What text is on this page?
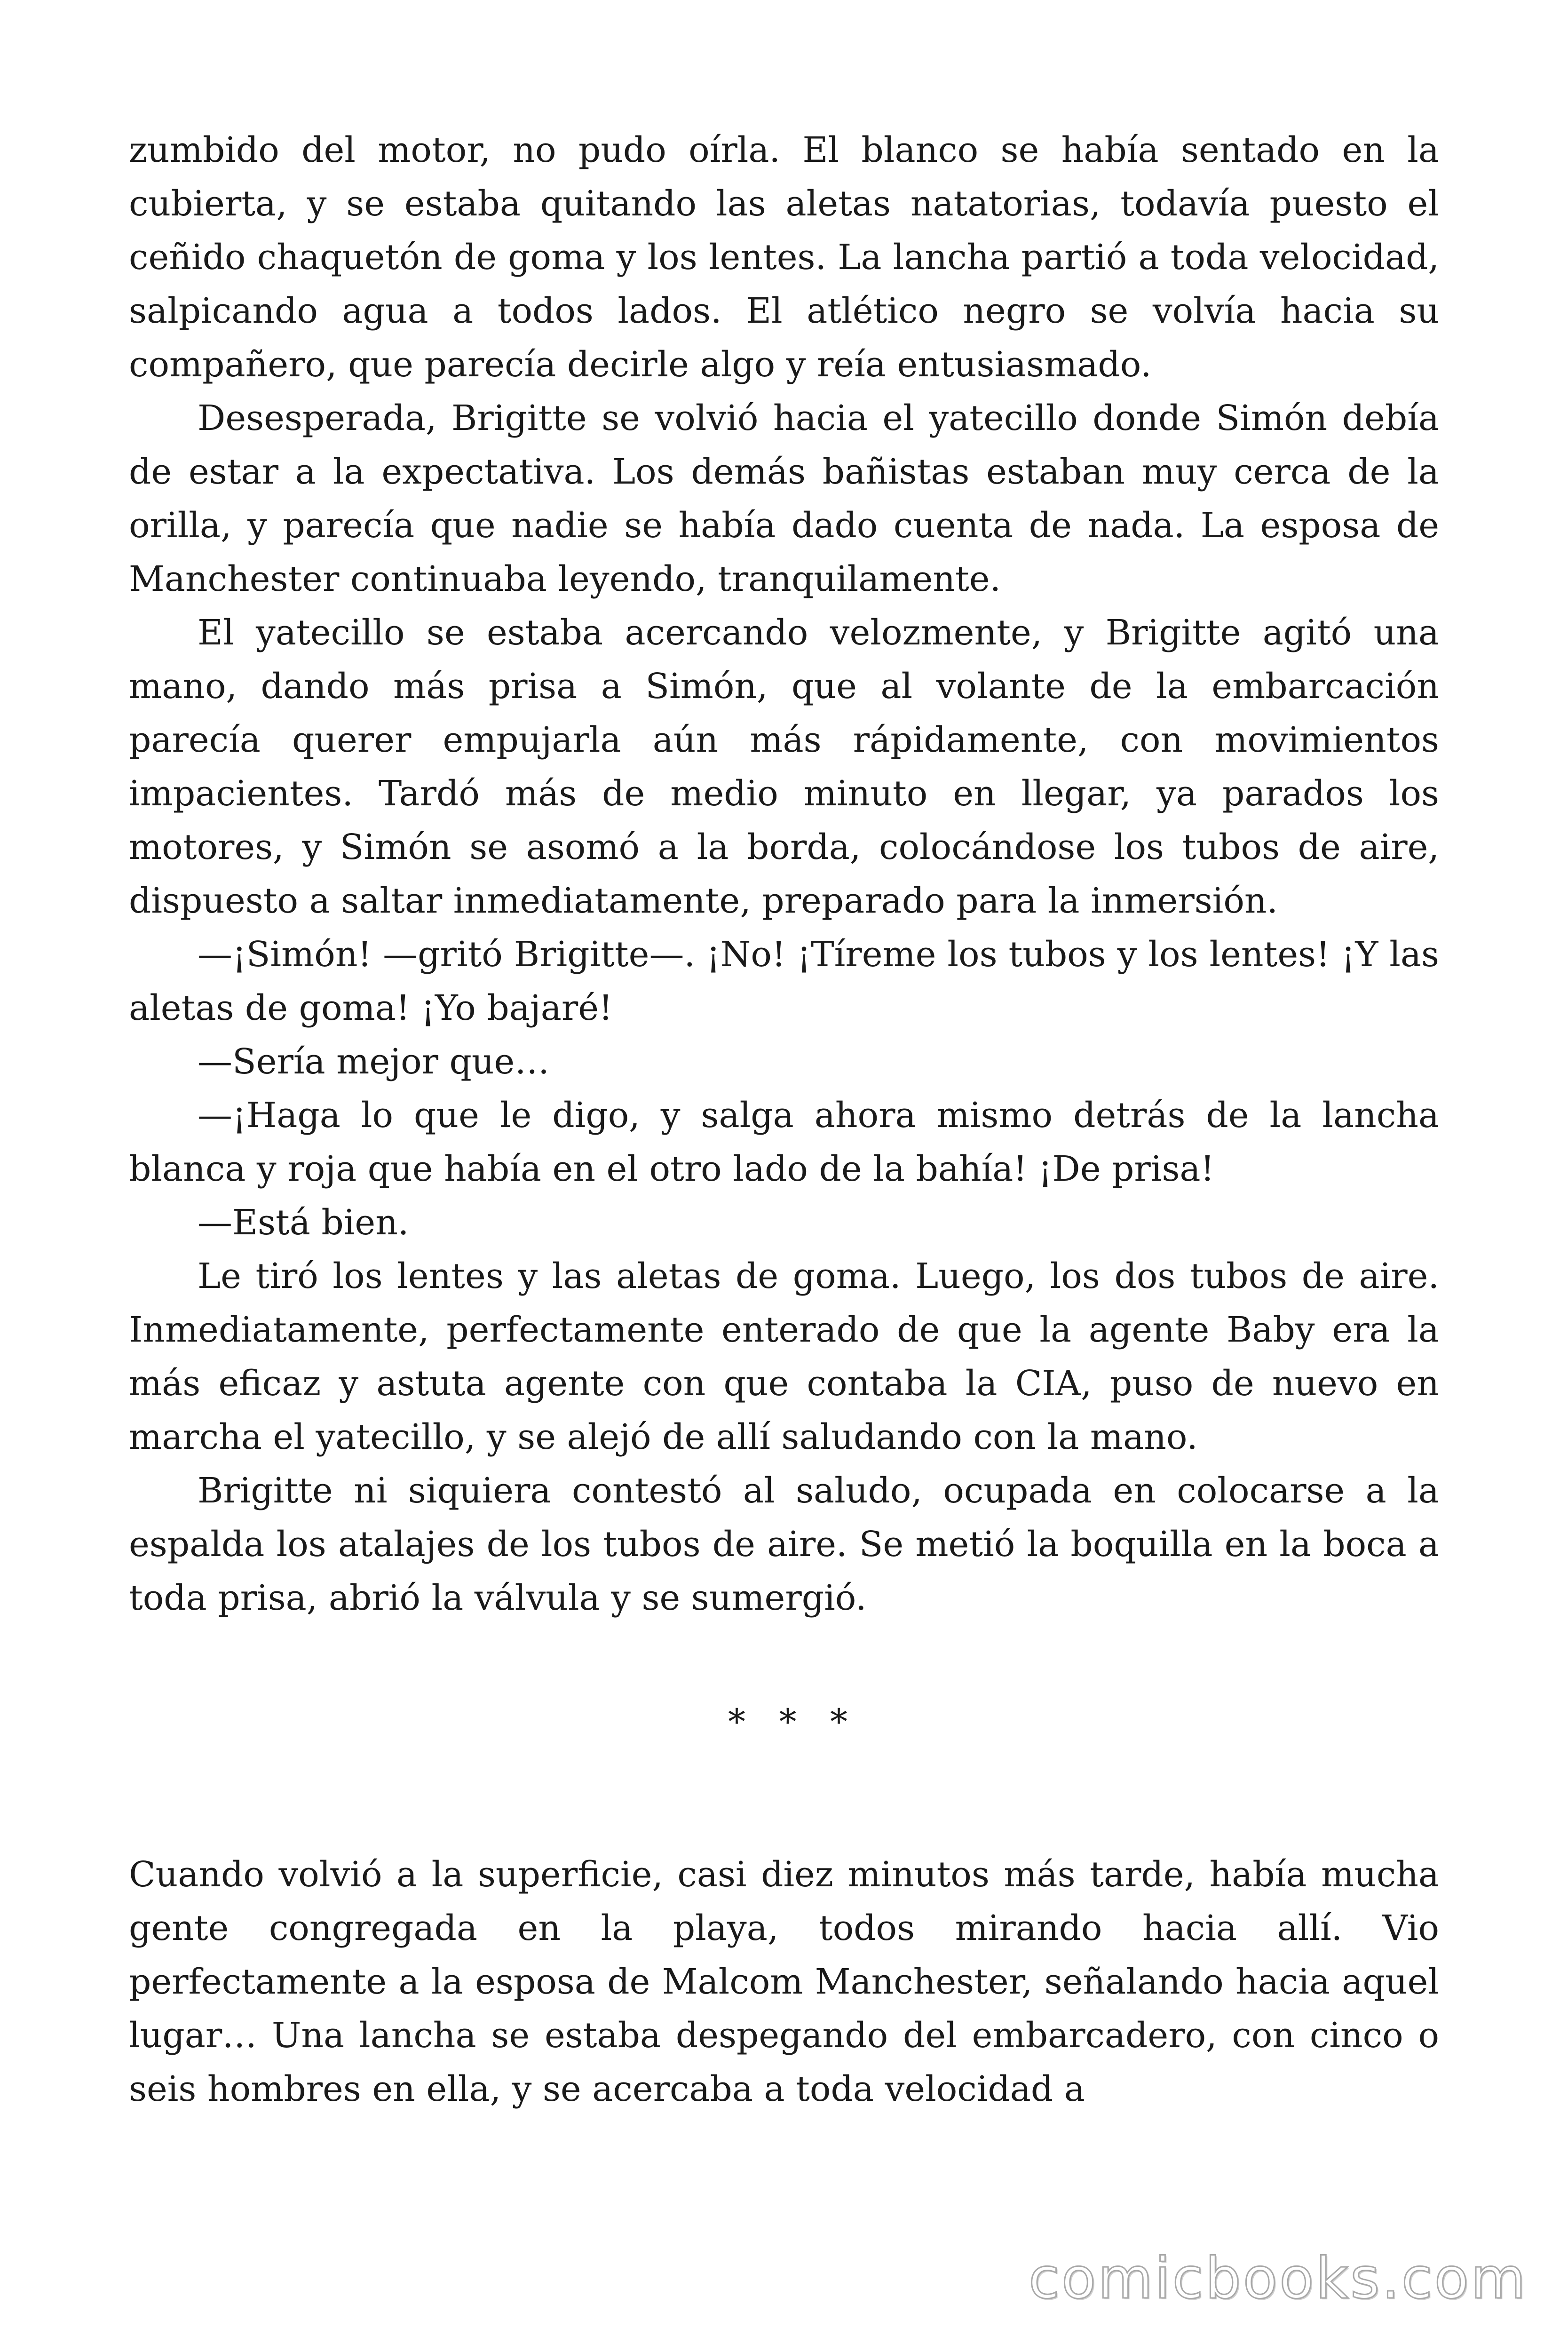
zumbido del motor, no pudo oírla. El blanco se había sentado en la cubierta, y se estaba quitando las aletas natatorias, todavía puesto el ceñido chaquetón de goma y los lentes. La lancha partió a toda velocidad, salpicando agua a todos lados. El atlético negro se volvía hacia su compañero, que parecía decirle algo y reía entusiasmado.

Desesperada, Brigitte se volvió hacia el yatecillo donde Simón debía de estar a la expectativa. Los demás bañistas estaban muy cerca de la orilla, y parecía que nadie se había dado cuenta de nada. La esposa de Manchester continuaba leyendo, tranquilamente.

El yatecillo se estaba acercando velozmente, y Brigitte agitó una mano, dando más prisa a Simón, que al volante de la embarcación parecía querer empujarla aún más rápidamente, con movimientos impacientes. Tardó más de medio minuto en llegar, ya parados los motores, y Simón se asomó a la borda, colocándose los tubos de aire, dispuesto a saltar inmediatamente, preparado para la inmersión.

—¡Simón! —gritó Brigitte—. ¡No! ¡Tíreme los tubos y los lentes! ¡Y las aletas de goma! ¡Yo bajaré!

—Sería mejor que…

—¡Haga lo que le digo, y salga ahora mismo detrás de la lancha blanca y roja que había en el otro lado de la bahía! ¡De prisa!

—Está bien.

Le tiró los lentes y las aletas de goma. Luego, los dos tubos de aire. Inmediatamente, perfectamente enterado de que la agente Baby era la más eficaz y astuta agente con que contaba la CIA, puso de nuevo en marcha el yatecillo, y se alejó de allí saludando con la mano.

Brigitte ni siquiera contestó al saludo, ocupada en colocarse a la espalda los atalajes de los tubos de aire. Se metió la boquilla en la boca a toda prisa, abrió la válvula y se sumergió.

* * *

Cuando volvió a la superficie, casi diez minutos más tarde, había mucha gente congregada en la playa, todos mirando hacia allí. Vio perfectamente a la esposa de Malcom Manchester, señalando hacia aquel lugar… Una lancha se estaba despegando del embarcadero, con cinco o seis hombres en ella, y se acercaba a toda velocidad a

comicbooks.com
